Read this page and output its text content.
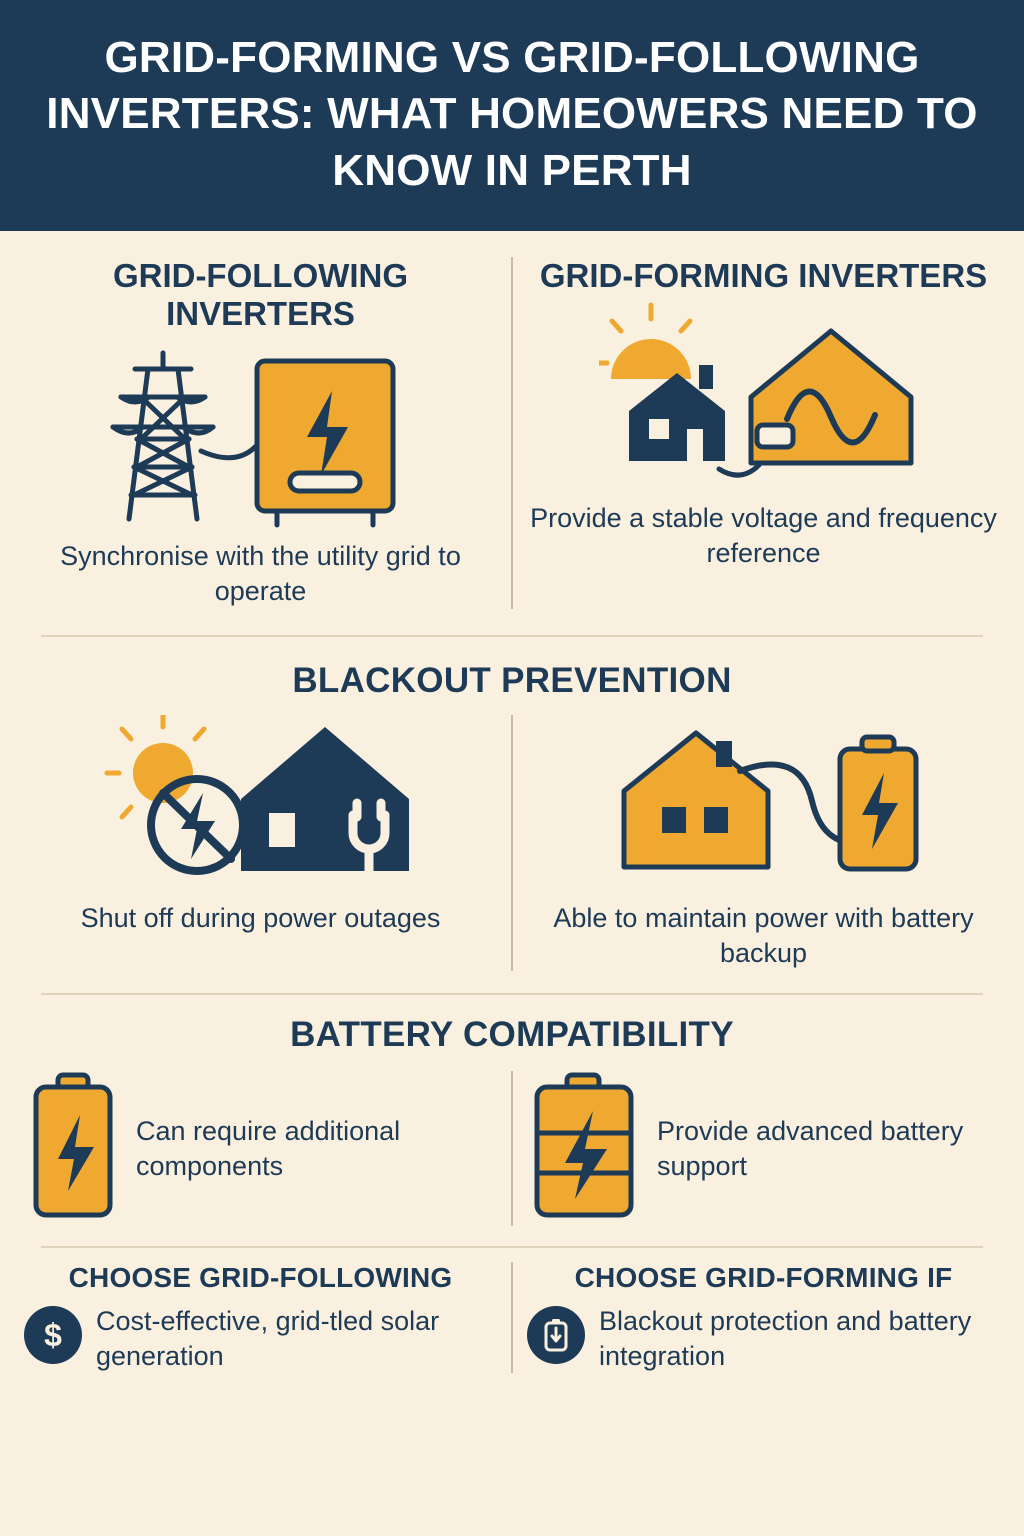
GRID-FORMING VS GRID-FOLLOWING INVERTERS: WHAT HOMEOWERS NEED TO KNOW IN PERTH
GRID-FOLLOWING INVERTERS
Synchronise with the utility grid to operate
GRID-FORMING INVERTERS
Provide a stable voltage and frequency reference
BLACKOUT PREVENTION
Shut off during power outages	Able to maintain power with battery backup
BATTERY COMPATIBILITY
Can require additional components
Provide advanced battery support
CHOOSE GRID-FOLLOWING
$	Cost-effective, grid-tled solar generation
CHOOSE GRID-FORMING IF
Blackout protection and battery integration
